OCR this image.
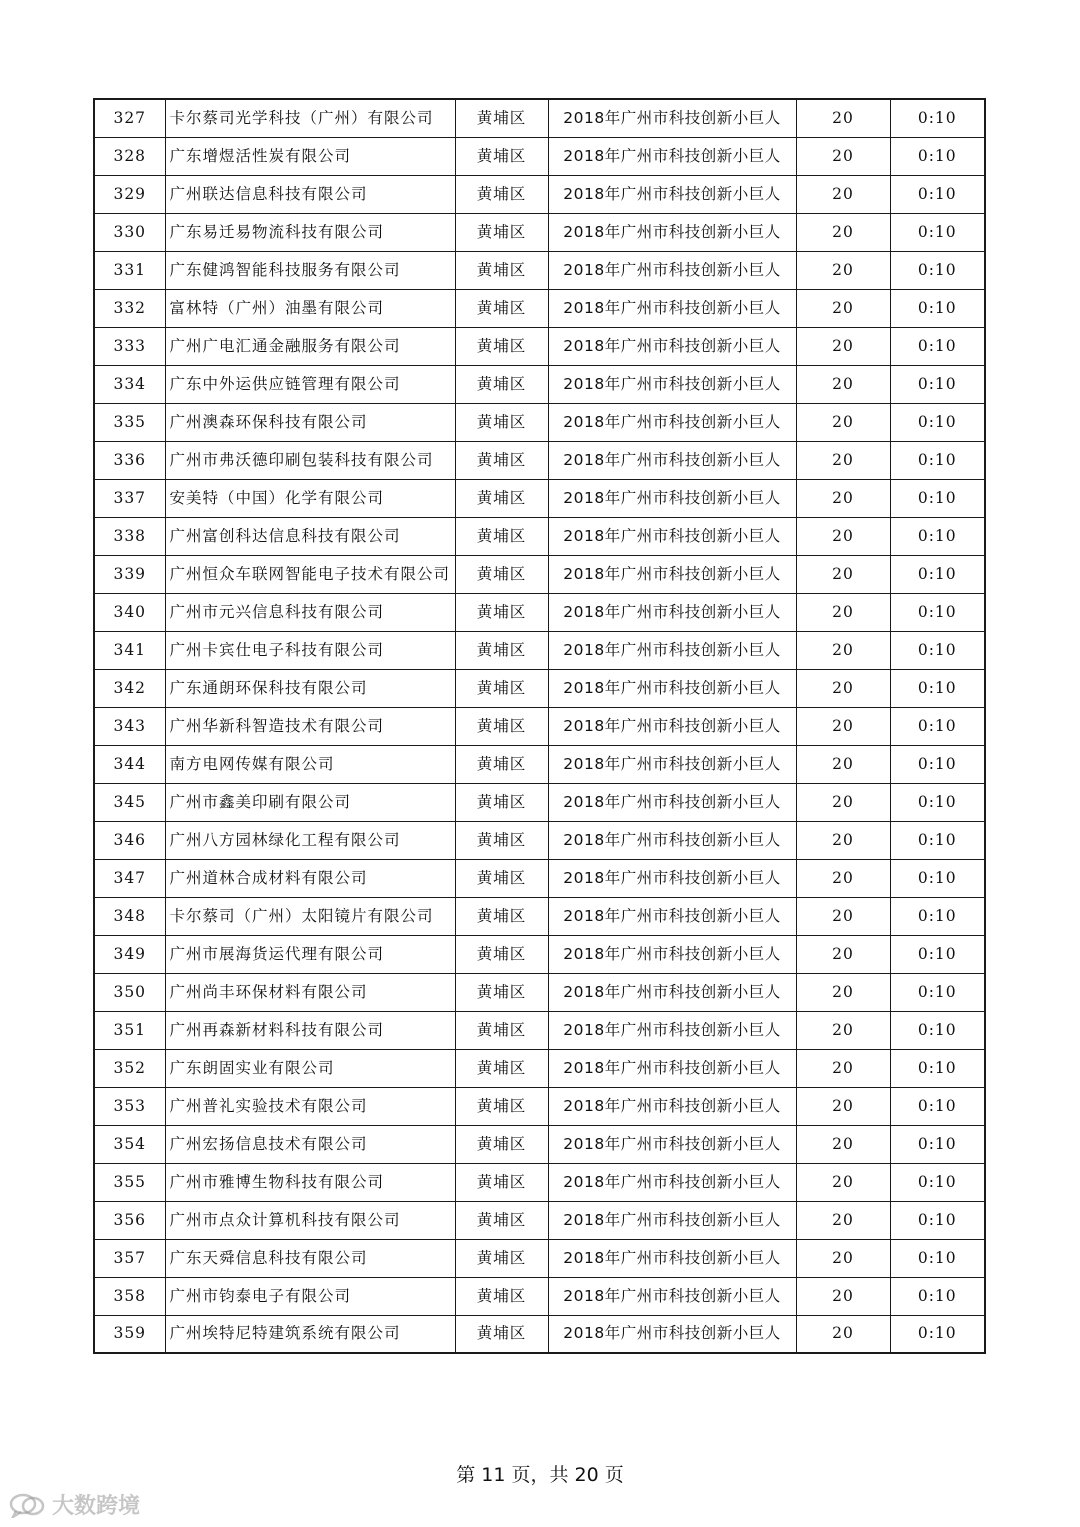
327	卡尔蔡司光学科技（广州）有限公司	黄埔区	2018年广州市科技创新小巨人	20	0:10
328	广东增煜活性炭有限公司	黄埔区	2018年广州市科技创新小巨人	20	0:10
329	广州联达信息科技有限公司	黄埔区	2018年广州市科技创新小巨人	20	0:10
330	广东易迁易物流科技有限公司	黄埔区	2018年广州市科技创新小巨人	20	0:10
331	广东健鸿智能科技服务有限公司	黄埔区	2018年广州市科技创新小巨人	20	0:10
332	富林特（广州）油墨有限公司	黄埔区	2018年广州市科技创新小巨人	20	0:10
333	广州广电汇通金融服务有限公司	黄埔区	2018年广州市科技创新小巨人	20	0:10
334	广东中外运供应链管理有限公司	黄埔区	2018年广州市科技创新小巨人	20	0:10
335	广州澳森环保科技有限公司	黄埔区	2018年广州市科技创新小巨人	20	0:10
336	广州市弗沃德印刷包装科技有限公司	黄埔区	2018年广州市科技创新小巨人	20	0:10
337	安美特（中国）化学有限公司	黄埔区	2018年广州市科技创新小巨人	20	0:10
338	广州富创科达信息科技有限公司	黄埔区	2018年广州市科技创新小巨人	20	0:10
339	广州恒众车联网智能电子技术有限公司	黄埔区	2018年广州市科技创新小巨人	20	0:10
340	广州市元兴信息科技有限公司	黄埔区	2018年广州市科技创新小巨人	20	0:10
341	广州卡宾仕电子科技有限公司	黄埔区	2018年广州市科技创新小巨人	20	0:10
342	广东通朗环保科技有限公司	黄埔区	2018年广州市科技创新小巨人	20	0:10
343	广州华新科智造技术有限公司	黄埔区	2018年广州市科技创新小巨人	20	0:10
344	南方电网传媒有限公司	黄埔区	2018年广州市科技创新小巨人	20	0:10
345	广州市鑫美印刷有限公司	黄埔区	2018年广州市科技创新小巨人	20	0:10
346	广州八方园林绿化工程有限公司	黄埔区	2018年广州市科技创新小巨人	20	0:10
347	广州道林合成材料有限公司	黄埔区	2018年广州市科技创新小巨人	20	0:10
348	卡尔蔡司（广州）太阳镜片有限公司	黄埔区	2018年广州市科技创新小巨人	20	0:10
349	广州市展海货运代理有限公司	黄埔区	2018年广州市科技创新小巨人	20	0:10
350	广州尚丰环保材料有限公司	黄埔区	2018年广州市科技创新小巨人	20	0:10
351	广州再森新材料科技有限公司	黄埔区	2018年广州市科技创新小巨人	20	0:10
352	广东朗固实业有限公司	黄埔区	2018年广州市科技创新小巨人	20	0:10
353	广州普礼实验技术有限公司	黄埔区	2018年广州市科技创新小巨人	20	0:10
354	广州宏扬信息技术有限公司	黄埔区	2018年广州市科技创新小巨人	20	0:10
355	广州市雅博生物科技有限公司	黄埔区	2018年广州市科技创新小巨人	20	0:10
356	广州市点众计算机科技有限公司	黄埔区	2018年广州市科技创新小巨人	20	0:10
357	广东天舜信息科技有限公司	黄埔区	2018年广州市科技创新小巨人	20	0:10
358	广州市钧泰电子有限公司	黄埔区	2018年广州市科技创新小巨人	20	0:10
359	广州埃特尼特建筑系统有限公司	黄埔区	2018年广州市科技创新小巨人	20	0:10
第 11 页，共 20 页
大数跨境
